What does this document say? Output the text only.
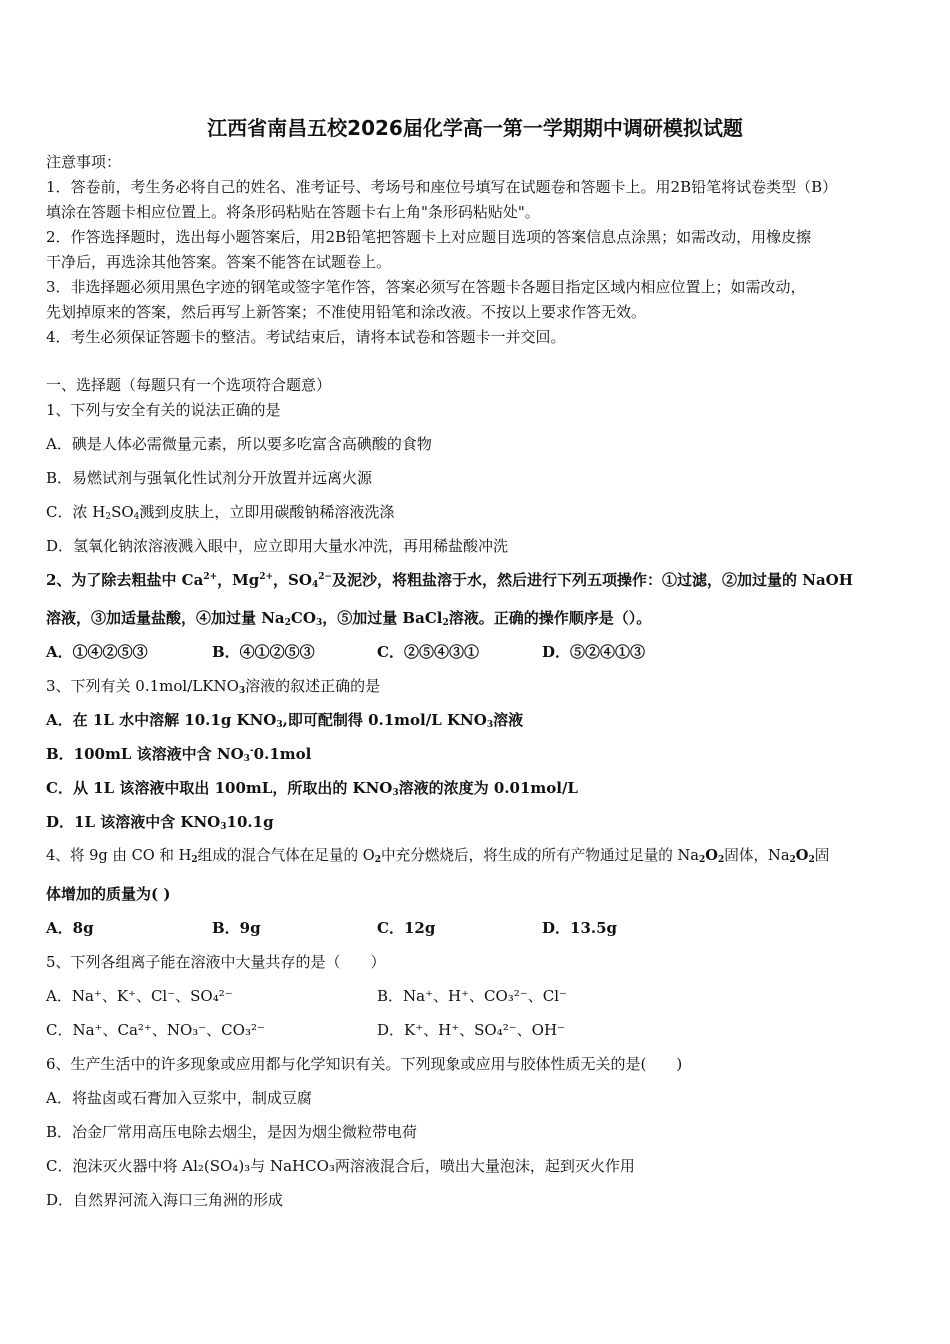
江西省南昌五校2026届化学高一第一学期期中调研模拟试题
注意事项：
1．答卷前，考生务必将自己的姓名、准考证号、考场号和座位号填写在试题卷和答题卡上。用2B铅笔将试卷类型（B）
填涂在答题卡相应位置上。将条形码粘贴在答题卡右上角"条形码粘贴处"。
2．作答选择题时，选出每小题答案后，用2B铅笔把答题卡上对应题目选项的答案信息点涂黑；如需改动，用橡皮擦
干净后，再选涂其他答案。答案不能答在试题卷上。
3．非选择题必须用黑色字迹的钢笔或签字笔作答，答案必须写在答题卡各题目指定区域内相应位置上；如需改动，
先划掉原来的答案，然后再写上新答案；不准使用铅笔和涂改液。不按以上要求作答无效。
4．考生必须保证答题卡的整洁。考试结束后，请将本试卷和答题卡一并交回。
一、选择题（每题只有一个选项符合题意）
1、下列与安全有关的说法正确的是
A．碘是人体必需微量元素，所以要多吃富含高碘酸的食物
B．易燃试剂与强氧化性试剂分开放置并远离火源
C．浓 $H_2SO_4$溅到皮肤上，立即用碳酸钠稀溶液洗涤
D．氢氧化钠浓溶液溅入眼中，应立即用大量水冲洗，再用稀盐酸冲洗
2、为了除去粗盐中 $Ca^{2+}$，$Mg^{2+}$，$SO_4^{2-}$及泥沙，将粗盐溶于水，然后进行下列五项操作：①过滤，②加过量的 NaOH
溶液，③加适量盐酸，④加过量 $Na_2CO_3$，⑤加过量 BaCl$_2$溶液。正确的操作顺序是（）。
A．①④②⑤③	B．④①②⑤③	C．②⑤④③①	D．⑤②④①③
3、下列有关 $0.1mol/LKNO_3$溶液的叙述正确的是
A．在 1L 水中溶解 10.1g $KNO_3$,即可配制得 0.1mol/L $KNO_3$溶液
B．100mL 该溶液中含 $NO_3^-0.1mol$
C．从 1L 该溶液中取出 100mL，所取出的 $KNO_3$溶液的浓度为 0.01mol/L
D．1L 该溶液中含 $KNO_310.1g$
4、将 9g 由 CO 和 $H_2$组成的混合气体在足量的 $O_2$中充分燃烧后，将生成的所有产物通过足量的 $Na_2O_2$固体，$Na_2O_2$固
体增加的质量为( )
A．8g	B．9g	C．12g	D．13.5g
5、下列各组离子能在溶液中大量共存的是（　　）
A．Na⁺、K⁺、Cl⁻、SO₄²⁻	B．Na⁺、H⁺、CO₃²⁻、Cl⁻
C．Na⁺、Ca²⁺、NO₃⁻、CO₃²⁻	D．K⁺、H⁺、SO₄²⁻、OH⁻
6、生产生活中的许多现象或应用都与化学知识有关。下列现象或应用与胶体性质无关的是(　　)
A．将盐卤或石膏加入豆浆中，制成豆腐
B．冶金厂常用高压电除去烟尘，是因为烟尘微粒带电荷
C．泡沫灭火器中将 Al₂(SO₄)₃与 NaHCO₃两溶液混合后，喷出大量泡沫，起到灭火作用
D．自然界河流入海口三角洲的形成
